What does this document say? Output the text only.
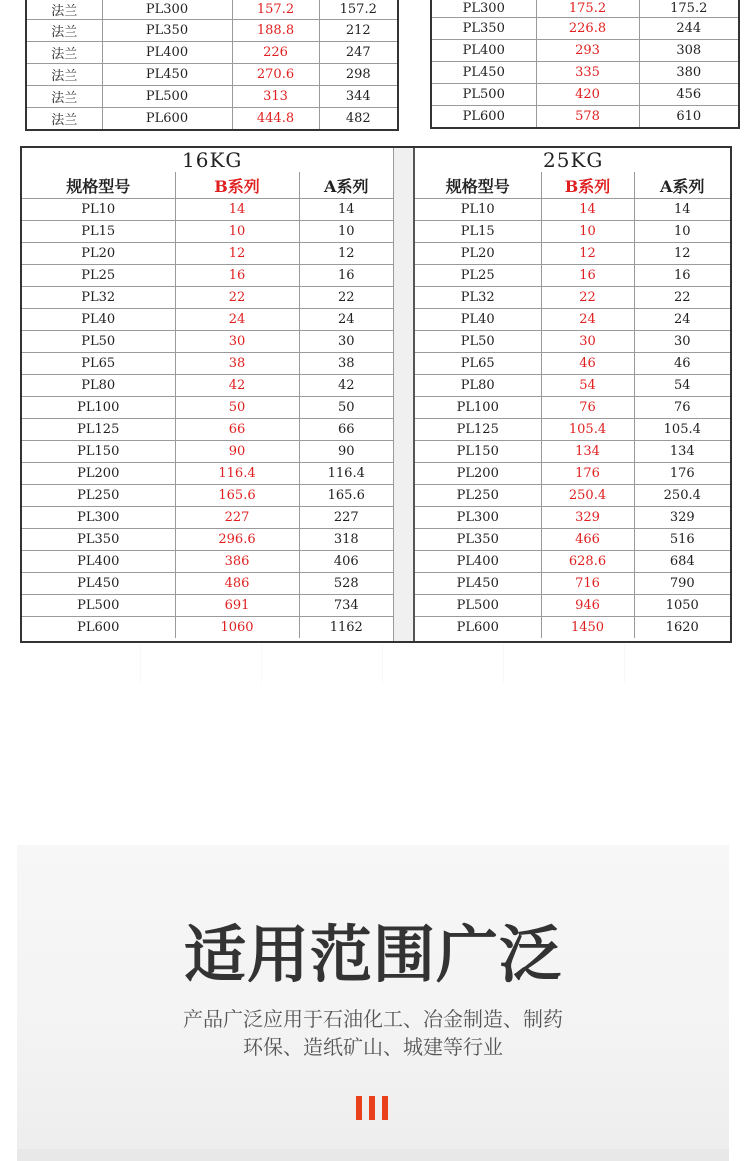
法兰	PL300	157.2	157.2
法兰	PL350	188.8	212
法兰	PL400	226	247
法兰	PL450	270.6	298
法兰	PL500	313	344
法兰	PL600	444.8	482
PL300	175.2	175.2
PL350	226.8	244
PL400	293	308
PL450	335	380
PL500	420	456
PL600	578	610
16KG		
规格型号	B系列	A系列
PL10	14	14
PL15	10	10
PL20	12	12
PL25	16	16
PL32	22	22
PL40	24	24
PL50	30	30
PL65	38	38
PL80	42	42
PL100	50	50
PL125	66	66
PL150	90	90
PL200	116.4	116.4
PL250	165.6	165.6
PL300	227	227
PL350	296.6	318
PL400	386	406
PL450	486	528
PL500	691	734
PL600	1060	1162
25KG		
规格型号	B系列	A系列
PL10	14	14
PL15	10	10
PL20	12	12
PL25	16	16
PL32	22	22
PL40	24	24
PL50	30	30
PL65	46	46
PL80	54	54
PL100	76	76
PL125	105.4	105.4
PL150	134	134
PL200	176	176
PL250	250.4	250.4
PL300	329	329
PL350	466	516
PL400	628.6	684
PL450	716	790
PL500	946	1050
PL600	1450	1620
适用范围广泛
产品广泛应用于石油化工、冶金制造、制药
环保、造纸矿山、城建等行业
